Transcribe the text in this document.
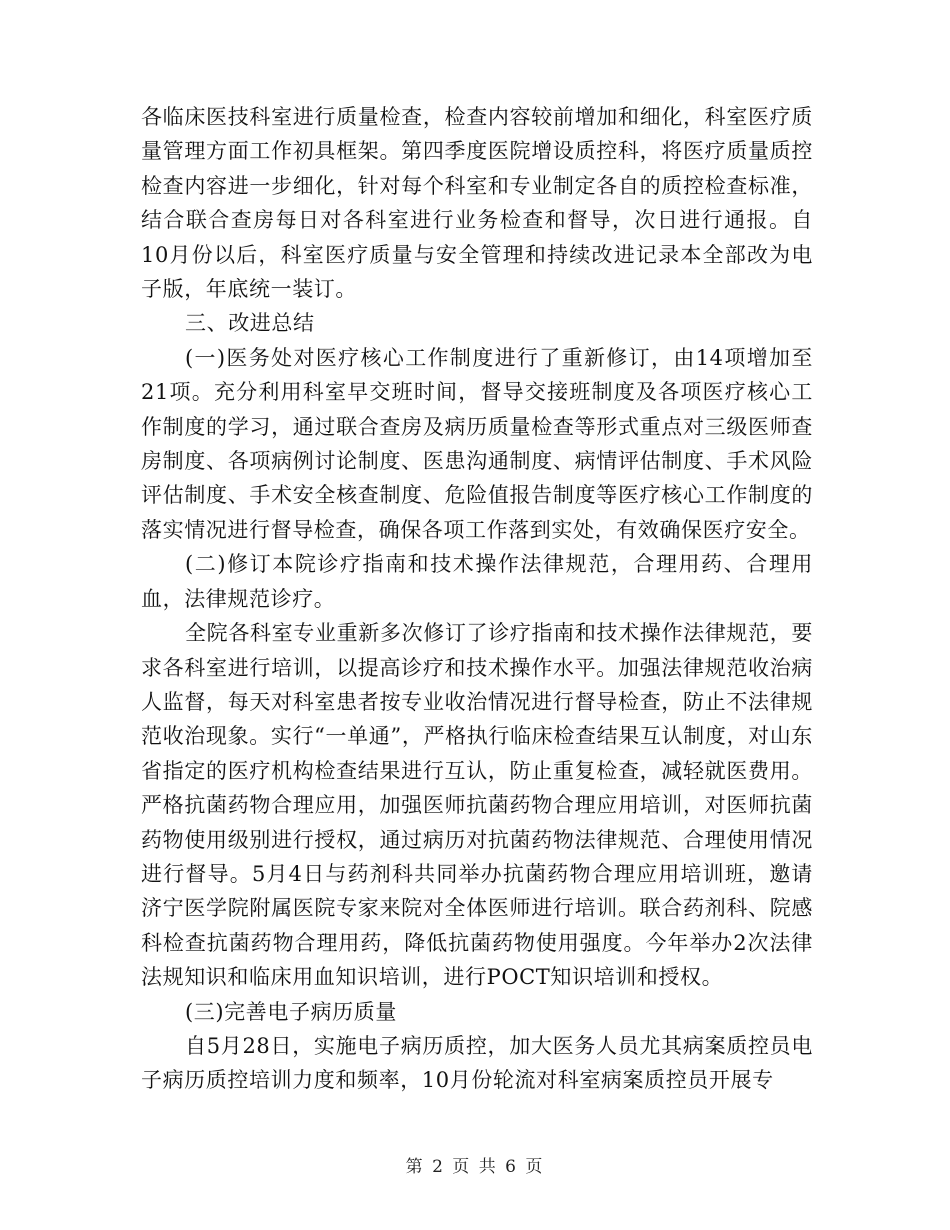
各临床医技科室进行质量检查，检查内容较前增加和细化，科室医疗质量管理方面工作初具框架。第四季度医院增设质控科，将医疗质量质控检查内容进一步细化，针对每个科室和专业制定各自的质控检查标准，结合联合查房每日对各科室进行业务检查和督导，次日进行通报。自10月份以后，科室医疗质量与安全管理和持续改进记录本全部改为电子版，年底统一装订。

三、改进总结

(一)医务处对医疗核心工作制度进行了重新修订，由14项增加至21项。充分利用科室早交班时间，督导交接班制度及各项医疗核心工作制度的学习，通过联合查房及病历质量检查等形式重点对三级医师查房制度、各项病例讨论制度、医患沟通制度、病情评估制度、手术风险评估制度、手术安全核查制度、危险值报告制度等医疗核心工作制度的落实情况进行督导检查，确保各项工作落到实处，有效确保医疗安全。

(二)修订本院诊疗指南和技术操作法律规范，合理用药、合理用血，法律规范诊疗。

全院各科室专业重新多次修订了诊疗指南和技术操作法律规范，要求各科室进行培训，以提高诊疗和技术操作水平。加强法律规范收治病人监督，每天对科室患者按专业收治情况进行督导检查，防止不法律规范收治现象。实行“一单通”，严格执行临床检查结果互认制度，对山东省指定的医疗机构检查结果进行互认，防止重复检查，减轻就医费用。严格抗菌药物合理应用，加强医师抗菌药物合理应用培训，对医师抗菌药物使用级别进行授权，通过病历对抗菌药物法律规范、合理使用情况进行督导。5月4日与药剂科共同举办抗菌药物合理应用培训班，邀请济宁医学院附属医院专家来院对全体医师进行培训。联合药剂科、院感科检查抗菌药物合理用药，降低抗菌药物使用强度。今年举办2次法律法规知识和临床用血知识培训，进行POCT知识培训和授权。

(三)完善电子病历质量

自5月28日，实施电子病历质控，加大医务人员尤其病案质控员电子病历质控培训力度和频率，10月份轮流对科室病案质控员开展专

第 2 页 共 6 页
